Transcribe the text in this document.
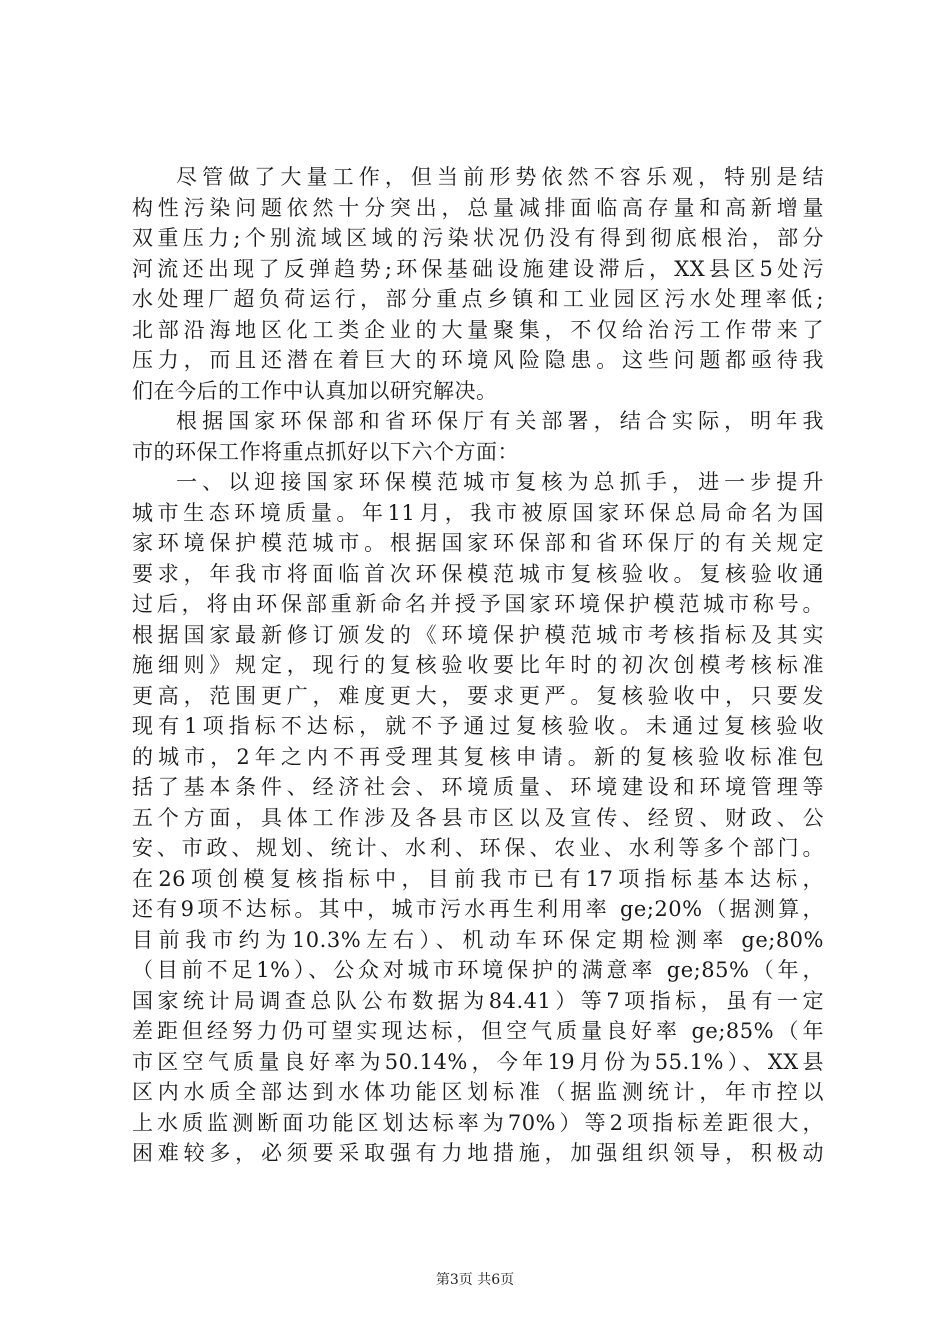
尽管做了大量工作，但当前形势依然不容乐观，特别是结
构性污染问题依然十分突出，总量减排面临高存量和高新增量
双重压力;个别流域区域的污染状况仍没有得到彻底根治，部分
河流还出现了反弹趋势;环保基础设施建设滞后，XX县区5处污
水处理厂超负荷运行，部分重点乡镇和工业园区污水处理率低;
北部沿海地区化工类企业的大量聚集，不仅给治污工作带来了
压力，而且还潜在着巨大的环境风险隐患。这些问题都亟待我
们在今后的工作中认真加以研究解决。
根据国家环保部和省环保厅有关部署，结合实际，明年我
市的环保工作将重点抓好以下六个方面：
一、以迎接国家环保模范城市复核为总抓手，进一步提升
城市生态环境质量。年11月，我市被原国家环保总局命名为国
家环境保护模范城市。根据国家环保部和省环保厅的有关规定
要求，年我市将面临首次环保模范城市复核验收。复核验收通
过后，将由环保部重新命名并授予国家环境保护模范城市称号。
根据国家最新修订颁发的《环境保护模范城市考核指标及其实
施细则》规定，现行的复核验收要比年时的初次创模考核标准
更高，范围更广，难度更大，要求更严。复核验收中，只要发
现有1项指标不达标，就不予通过复核验收。未通过复核验收
的城市，2年之内不再受理其复核申请。新的复核验收标准包
括了基本条件、经济社会、环境质量、环境建设和环境管理等
五个方面，具体工作涉及各县市区以及宣传、经贸、财政、公
安、市政、规划、统计、水利、环保、农业、水利等多个部门。
在26项创模复核指标中，目前我市已有17项指标基本达标，
还有9项不达标。其中，城市污水再生利用率 ge;20%（据测算，
目前我市约为10.3%左右）、机动车环保定期检测率 ge;80%
（目前不足1%）、公众对城市环境保护的满意率 ge;85%（年，
国家统计局调查总队公布数据为84.41）等7项指标，虽有一定
差距但经努力仍可望实现达标，但空气质量良好率 ge;85%（年
市区空气质量良好率为50.14%，今年19月份为55.1%）、XX县
区内水质全部达到水体功能区划标准（据监测统计，年市控以
上水质监测断面功能区划达标率为70%）等2项指标差距很大，
困难较多，必须要采取强有力地措施，加强组织领导，积极动
第3页 共6页
